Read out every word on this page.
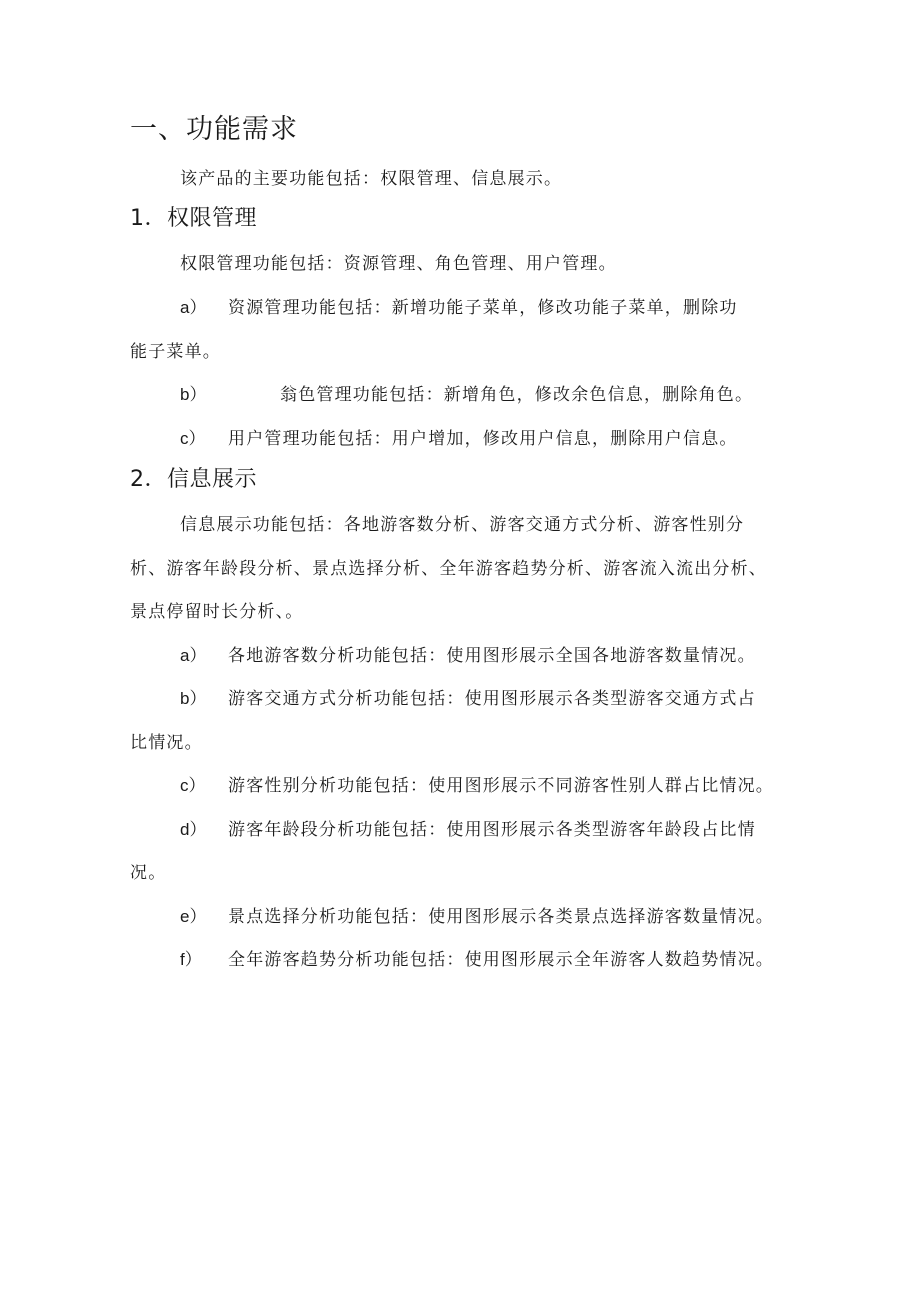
一、功能需求
该产品的主要功能包括：权限管理、信息展示。
1．权限管理
权限管理功能包括：资源管理、角色管理、用户管理。
a） 资源管理功能包括：新增功能子菜单，修改功能子菜单，删除功
能子菜单。
b）	翁色管理功能包括：新增角色，修改余色信息，删除角色。
c） 用户管理功能包括：用户增加，修改用户信息，删除用户信息。
2．信息展示
信息展示功能包括：各地游客数分析、游客交通方式分析、游客性别分
析、游客年龄段分析、景点选择分析、全年游客趋势分析、游客流入流出分析、
景点停留时长分析、。
a） 各地游客数分析功能包括：使用图形展示全国各地游客数量情况。
b） 游客交通方式分析功能包括：使用图形展示各类型游客交通方式占
比情况。
c） 游客性别分析功能包括：使用图形展示不同游客性别人群占比情况。
d） 游客年龄段分析功能包括：使用图形展示各类型游客年龄段占比情
况。
e） 景点选择分析功能包括：使用图形展示各类景点选择游客数量情况。
f） 全年游客趋势分析功能包括：使用图形展示全年游客人数趋势情况。
